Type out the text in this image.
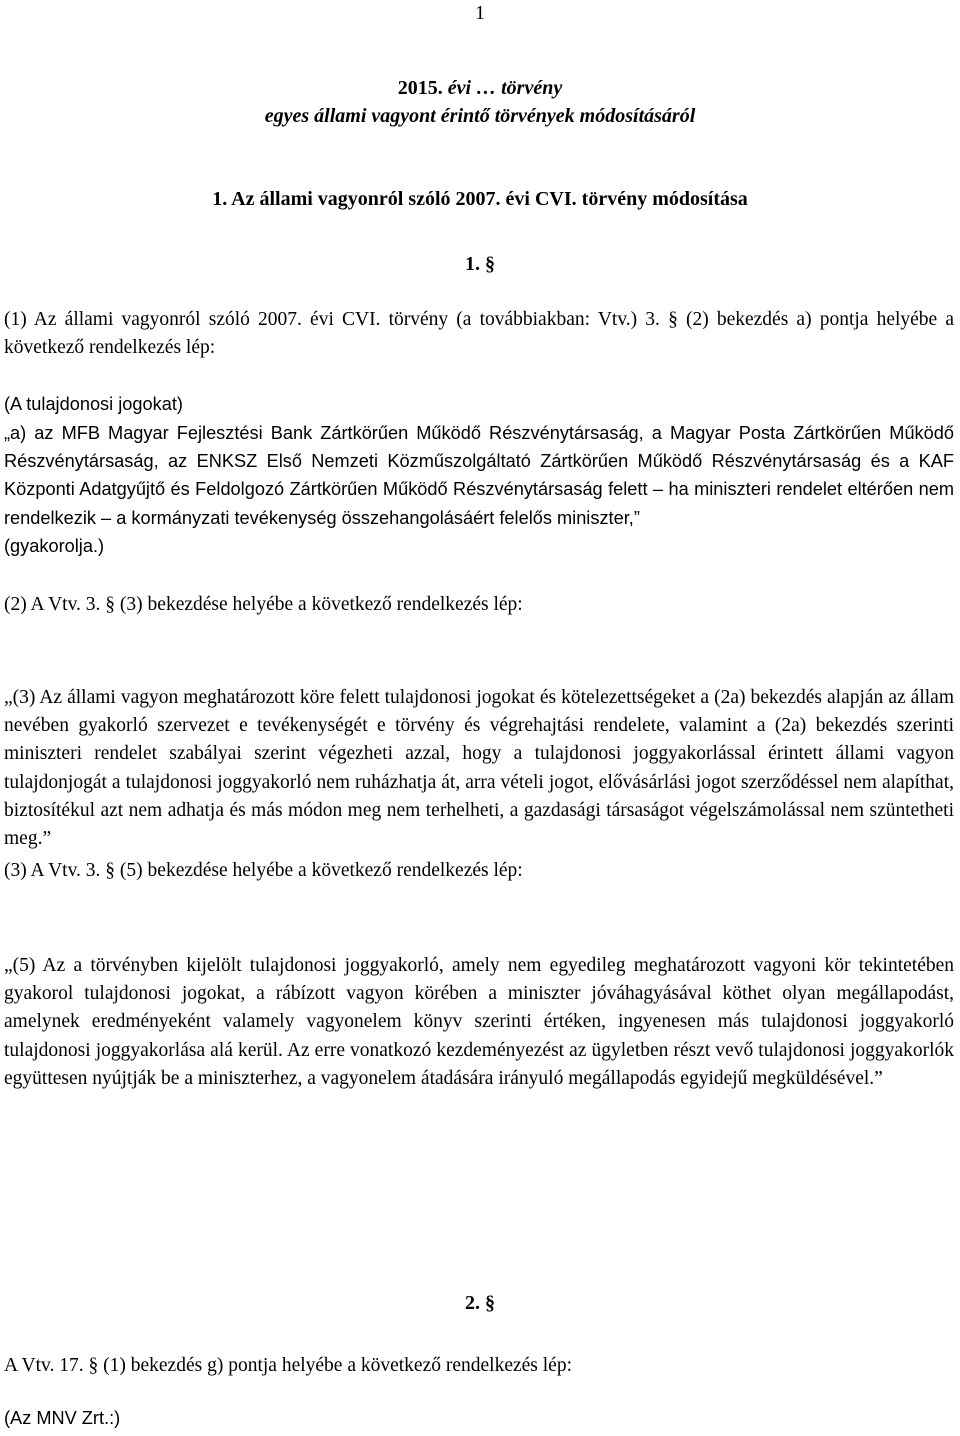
1
2015. évi … törvény
egyes állami vagyont érintő törvények módosításáról
1. Az állami vagyonról szóló 2007. évi CVI. törvény módosítása
1. §

(1) Az állami vagyonról szóló 2007. évi CVI. törvény (a továbbiakban: Vtv.) 3. § (2) bekezdés a) pontja helyébe a következő rendelkezés lép:

(A tulajdonosi jogokat)

„a) az MFB Magyar Fejlesztési Bank Zártkörűen Működő Részvénytársaság, a Magyar Posta Zártkörűen Működő Részvénytársaság, az ENKSZ Első Nemzeti Közműszolgáltató Zártkörűen Működő Részvénytársaság és a KAF Központi Adatgyűjtő és Feldolgozó Zártkörűen Működő Részvénytársaság felett – ha miniszteri rendelet eltérően nem rendelkezik – a kormányzati tevékenység összehangolásáért felelős miniszter,”

(gyakorolja.)

(2) A Vtv. 3. § (3) bekezdése helyébe a következő rendelkezés lép:

„(3) Az állami vagyon meghatározott köre felett tulajdonosi jogokat és kötelezettségeket a (2a) bekezdés alapján az állam nevében gyakorló szervezet e tevékenységét e törvény és végrehajtási rendelete, valamint a (2a) bekezdés szerinti miniszteri rendelet szabályai szerint végezheti azzal, hogy a tulajdonosi joggyakorlással érintett állami vagyon tulajdonjogát a tulajdonosi joggyakorló nem ruházhatja át, arra vételi jogot, elővásárlási jogot szerződéssel nem alapíthat, biztosítékul azt nem adhatja és más módon meg nem terhelheti, a gazdasági társaságot végelszámolással nem szüntetheti meg.”

(3) A Vtv. 3. § (5) bekezdése helyébe a következő rendelkezés lép:

„(5) Az a törvényben kijelölt tulajdonosi joggyakorló, amely nem egyedileg meghatározott vagyoni kör tekintetében gyakorol tulajdonosi jogokat, a rábízott vagyon körében a miniszter jóváhagyásával köthet olyan megállapodást, amelynek eredményeként valamely vagyonelem könyv szerinti értéken, ingyenesen más tulajdonosi joggyakorló tulajdonosi joggyakorlása alá kerül. Az erre vonatkozó kezdeményezést az ügyletben részt vevő tulajdonosi joggyakorlók együttesen nyújtják be a miniszterhez, a vagyonelem átadására irányuló megállapodás egyidejű megküldésével.”

2. §

A Vtv. 17. § (1) bekezdés g) pontja helyébe a következő rendelkezés lép:

(Az MNV Zrt.:)
